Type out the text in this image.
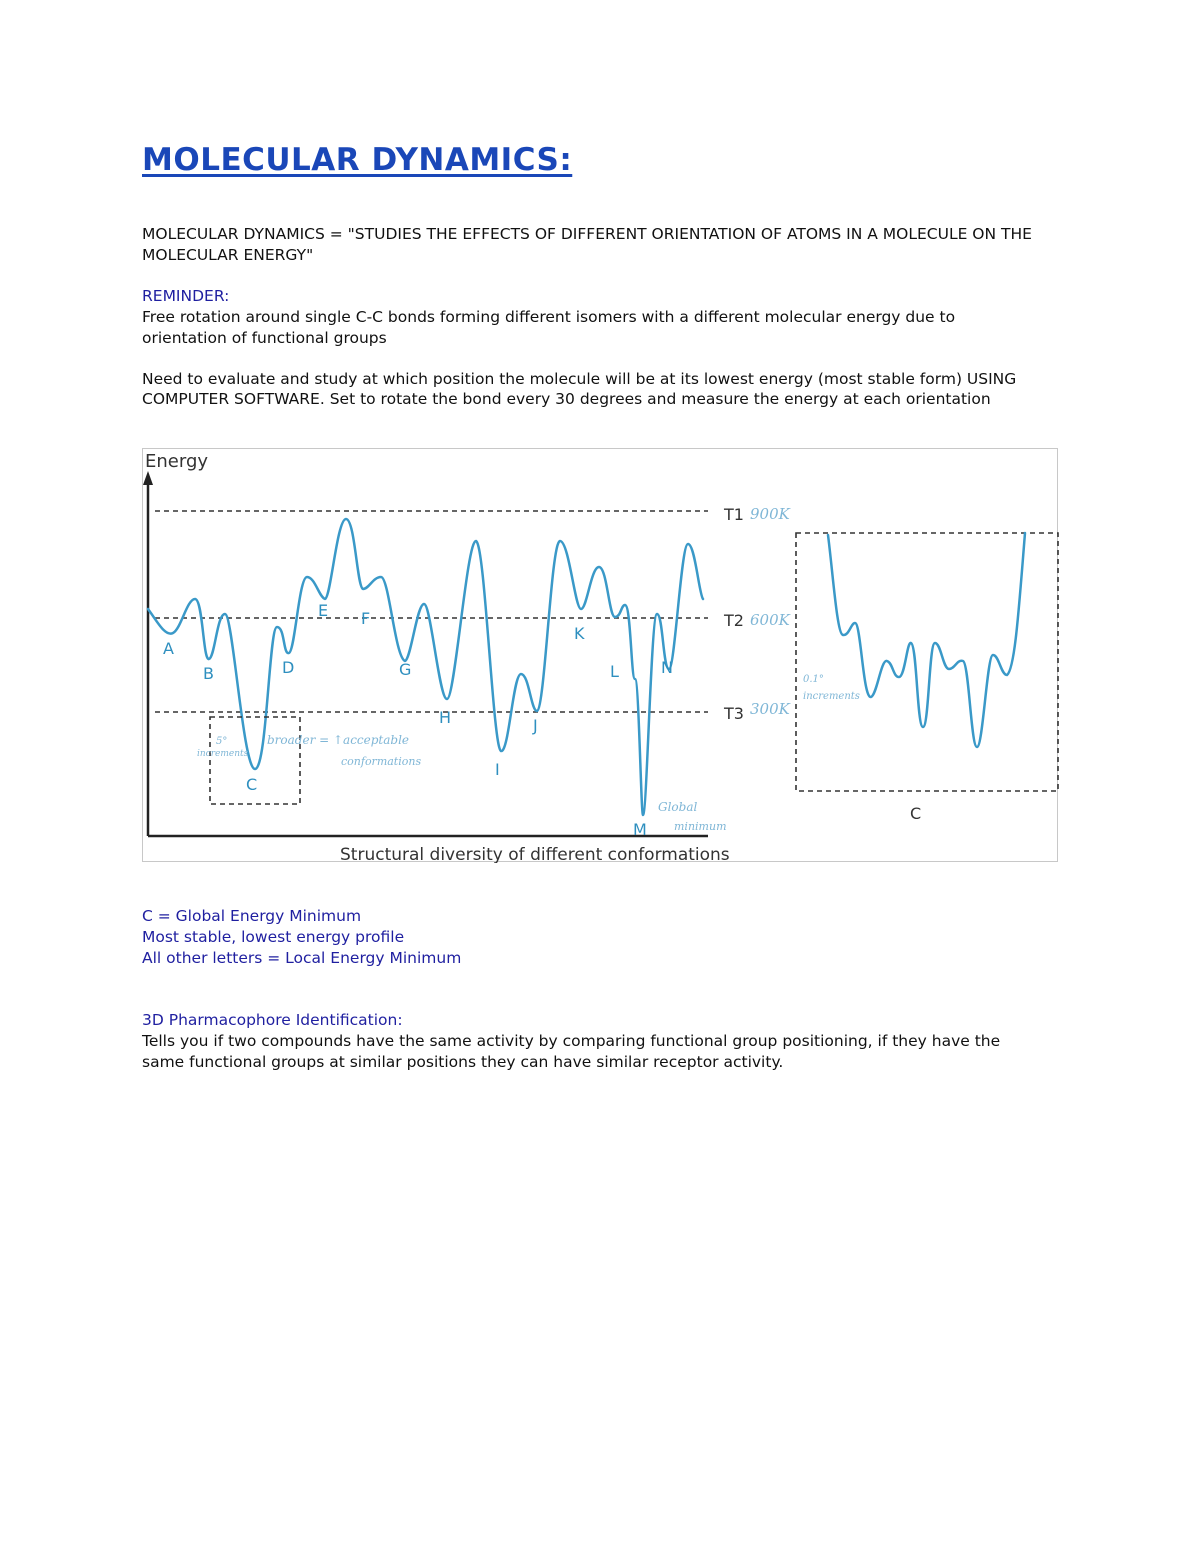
MOLECULAR DYNAMICS:

MOLECULAR DYNAMICS = "STUDIES THE EFFECTS OF DIFFERENT ORIENTATION OF ATOMS IN A MOLECULE ON THE

MOLECULAR ENERGY"

REMINDER:

Free rotation around single C-C bonds forming different isomers with a different molecular energy due to

orientation of functional groups

Need to evaluate and study at which position the molecule will be at its lowest energy (most stable form) USING

COMPUTER SOFTWARE. Set to rotate the bond every 30 degrees and measure the energy at each orientation

Energy
Structural diversity of different conformations
T1
T2
T3
900K
600K
300K
A
B
C
D
E F
G
H
I
J
K
L
M
N
5°
increments
broader = ↑acceptable
conformations
Global
minimum
C
0.1°
increments

C = Global Energy Minimum

Most stable, lowest energy profile

All other letters = Local Energy Minimum

3D Pharmacophore Identification:

Tells you if two compounds have the same activity by comparing functional group positioning, if they have the

same functional groups at similar positions they can have similar receptor activity.
